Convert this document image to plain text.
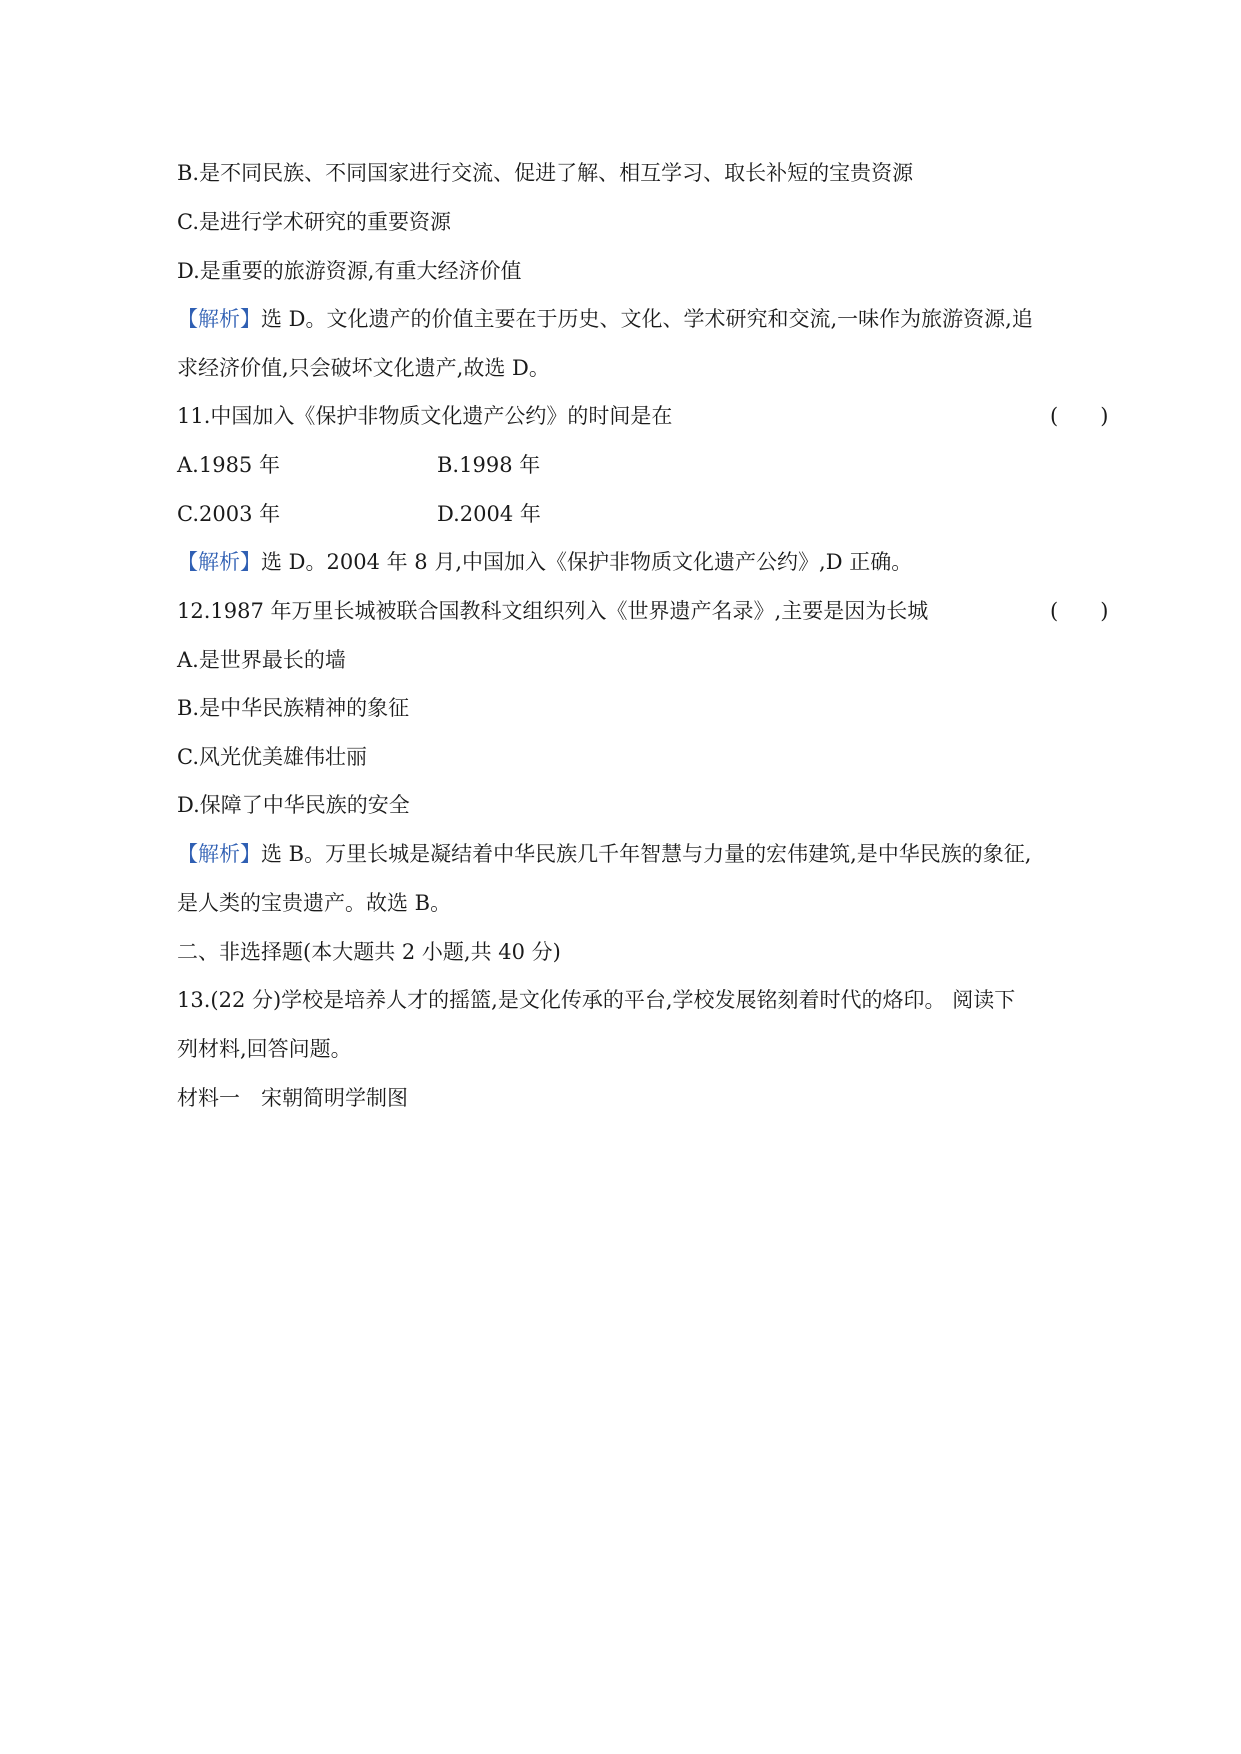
B.是不同民族、不同国家进行交流、促进了解、相互学习、取长补短的宝贵资源
C.是进行学术研究的重要资源
D.是重要的旅游资源,有重大经济价值
【解析】选 D。文化遗产的价值主要在于历史、文化、学术研究和交流,一味作为旅游资源,追
求经济价值,只会破坏文化遗产,故选 D。
11.中国加入《保护非物质文化遗产公约》的时间是在	(　　)
A.1985 年	B.1998 年
C.2003 年	D.2004 年
【解析】选 D。2004 年 8 月,中国加入《保护非物质文化遗产公约》,D 正确。
12.1987 年万里长城被联合国教科文组织列入《世界遗产名录》,主要是因为长城	(　　)
A.是世界最长的墙
B.是中华民族精神的象征
C.风光优美雄伟壮丽
D.保障了中华民族的安全
【解析】选 B。万里长城是凝结着中华民族几千年智慧与力量的宏伟建筑,是中华民族的象征,
是人类的宝贵遗产。故选 B。
二、非选择题(本大题共 2 小题,共 40 分)
13.(22 分)学校是培养人才的摇篮,是文化传承的平台,学校发展铭刻着时代的烙印。 阅读下
列材料,回答问题。
材料一　宋朝简明学制图
